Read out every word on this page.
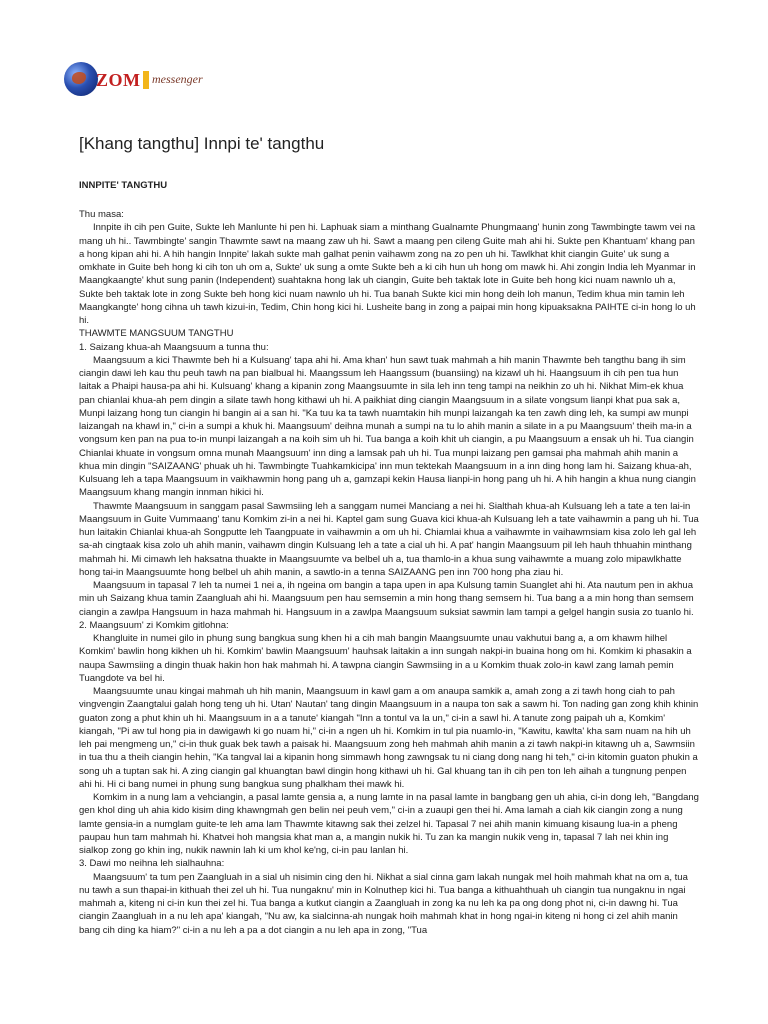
ZOM messenger
[Khang tangthu] Innpi te' tangthu
INNPITE' TANGTHU

Thu masa:

Innpite ih cih pen Guite, Sukte leh Manlunte hi pen hi. Laphuak siam a minthang Gualnamte Phungmaang' hunin zong Tawmbingte tawm vei na mang uh hi.. Tawmbingte' sangin Thawmte sawt na maang zaw uh hi. Sawt a maang pen cileng Guite mah ahi hi. Sukte pen Khantuam' khang pan a hong kipan ahi hi. A hih hangin Innpite' lakah sukte mah galhat penin vaihawm zong na zo pen uh hi. Tawlkhat khit ciangin Guite' uk sung a omkhate in Guite beh hong ki cih ton uh om a, Sukte' uk sung a omte Sukte beh a ki cih hun uh hong om mawk hi. Ahi zongin India leh Myanmar in Maangkaangte' khut sung panin (Independent) suahtakna hong lak uh ciangin, Guite beh taktak lote in Guite beh hong kici nuam nawnlo uh a, Sukte beh taktak lote in zong Sukte beh hong kici nuam nawnlo uh hi. Tua banah Sukte kici min hong deih loh manun, Tedim khua min tamin leh Maangkangte' hong cihna uh tawh kizui-in, Tedim, Chin hong kici hi. Lusheite bang in zong a paipai min hong kipuaksakna PAIHTE ci-in hong lo uh hi.

THAWMTE MANGSUUM TANGTHU

1. Saizang khua-ah Maangsuum a tunna thu:

Maangsuum a kici Thawmte beh hi a Kulsuang' tapa ahi hi. Ama khan' hun sawt tuak mahmah a hih manin Thawmte beh tangthu bang ih sim ciangin dawi leh kau thu peuh tawh na pan bialbual hi. Maangssum leh Haangssum (buansiing) na kizawl uh hi. Haangsuum ih cih pen tua hun laitak a Phaipi hausa-pa ahi hi. Kulsuang' khang a kipanin zong Maangsuumte in sila leh inn teng tampi na neikhin zo uh hi. Nikhat Mim-ek khua pan chianlai khua-ah pem dingin a silate tawh hong kithawi uh hi. A paikhiat ding ciangin Maangsuum in a silate vongsum lianpi khat pua sak a, Munpi laizang hong tun ciangin hi bangin ai a san hi. "Ka tuu ka ta tawh nuamtakin hih munpi laizangah ka ten zawh ding leh, ka sumpi aw munpi laizangah na khawl in," ci-in a sumpi a khuk hi. Maangsuum' deihna munah a sumpi na tu lo ahih manin a silate in a pu Maangsuum' theih ma-in a vongsum ken pan na pua to-in munpi laizangah a na koih sim uh hi. Tua banga a koih khit uh ciangin, a pu Maangsuum a ensak uh hi. Tua ciangin Chianlai khuate in vongsum omna munah Maangsuum' inn ding a lamsak pah uh hi. Tua munpi laizang pen gamsai pha mahmah ahih manin a khua min dingin "SAIZAANG' phuak uh hi. Tawmbingte Tuahkamkicipa' inn mun tektekah Maangsuum in a inn ding hong lam hi. Saizang khua-ah, Kulsuang leh a tapa Maangsuum in vaikhawmin hong pang uh a, gamzapi kekin Hausa lianpi-in hong pang uh hi. A hih hangin a khua nung ciangin Maangsuum khang mangin innman hikici hi.

Thawmte Maangsuum in sanggam pasal Sawmsiing leh a sanggam numei Manciang a nei hi. Sialthah khua-ah Kulsuang leh a tate a ten lai-in Maangsuum in Guite Vummaang' tanu Komkim zi-in a nei hi. Kaptel gam sung Guava kici khua-ah Kulsuang leh a tate vaihawmin a pang uh hi. Tua hun laitakin Chianlai khua-ah Songputte leh Taangpuate in vaihawmin a om uh hi. Chiamlai khua a vaihawmte in vaihawmsiam kisa zolo leh gal leh sa-ah cingtaak kisa zolo uh ahih manin, vaihawm dingin Kulsuang leh a tate a cial uh hi. A pat' hangin Maangsuum pil leh hauh thhuahin minthang mahmah hi. Mi cimawh leh haksatna thuakte in Maangsuumte va belbel uh a, tua thamlo-in a khua sung vaihawmte a muang zolo mipawlkhatte hong tai-in Maangsuumte hong belbel uh ahih manin, a sawtlo-in a tenna SAIZAANG pen inn 700 hong pha ziau hi.

Maangsuum in tapasal 7 leh ta numei 1 nei a, ih ngeina om bangin a tapa upen in apa Kulsung tamin Suanglet ahi hi. Ata nautum pen in akhua min uh Saizang khua tamin Zaangluah ahi hi. Maangsuum pen hau semsemin a min hong thang semsem hi. Tua bang a a min hong than semsem ciangin a zawlpa Hangsuum in haza mahmah hi. Hangsuum in a zawlpa Maangsuum suksiat sawmin lam tampi a gelgel hangin susia zo tuanlo hi.

2. Maangsuum' zi Komkim gitlohna:

Khangluite in numei gilo in phung sung bangkua sung khen hi a cih mah bangin Maangsuumte unau vakhutui bang a, a om khawm hilhel Komkim' bawlin hong kikhen uh hi. Komkim' bawlin Maangsuum' hauhsak laitakin a inn sungah nakpi-in buaina hong om hi. Komkim ki phasakin a naupa Sawmsiing a dingin thuak hakin hon hak mahmah hi. A tawpna ciangin Sawmsiing in a u Komkim thuak zolo-in kawl zang lamah pemin Tuangdote va bel hi.

Maangsuumte unau kingai mahmah uh hih manin, Maangsuum in kawl gam a om anaupa samkik a, amah zong a zi tawh hong ciah to pah vingvengin Zaangtalui galah hong teng uh hi. Utan' Nautan' tang dingin Maangsuum in a naupa ton sak a sawm hi. Ton nading gan zong khih khinin guaton zong a phut khin uh hi. Maangsuum in a a tanute' kiangah "Inn a tontul va la un," ci-in a sawl hi. A tanute zong paipah uh a, Komkim' kiangah, "Pi aw tul hong pia in dawigawh ki go nuam hi," ci-in a ngen uh hi. Komkim in tul pia nuamlo-in, "Kawitu, kawlta' kha sam nuam na hih uh leh pai mengmeng un," ci-in thuk guak bek tawh a paisak hi. Maangsuum zong heh mahmah ahih manin a zi tawh nakpi-in kitawng uh a, Sawmsiin in tua thu a theih ciangin hehin, "Ka tangval lai a kipanin hong simmawh hong zawngsak tu ni ciang dong nang hi teh," ci-in kitomin guaton phukin a song uh a tuptan sak hi. A zing ciangin gal khuangtan bawl dingin hong kithawi uh hi. Gal khuang tan ih cih pen ton leh aihah a tungnung penpen ahi hi. Hi ci bang numei in phung sung bangkua sung phalkham thei mawk hi.

Komkim in a nung lam a vehciangin, a pasal lamte gensia a, a nung lamte in na pasal lamte in bangbang gen uh ahia, ci-in dong leh, "Bangdang gen khol ding uh ahia kido kisim ding khawngmah gen belin nei peuh vem," ci-in a zuaupi gen thei hi. Ama lamah a ciah kik ciangin zong a nung lamte gensia-in a numglam guite-te leh ama lam Thawmte kitawng sak thei zelzel hi. Tapasal 7 nei ahih manin kimuang kisaung lua-in a pheng paupau hun tam mahmah hi. Khatvei hoh mangsia khat man a, a mangin nukik hi. Tu zan ka mangin nukik veng in, tapasal 7 lah nei khin ing sialkop zong go khin ing, nukik nawnin lah ki um khol ke'ng, ci-in pau lanlan hi.

3. Dawi mo neihna leh sialhauhna:

Maangsuum' ta tum pen Zaangluah in a sial uh nisimin cing den hi. Nikhat a sial cinna gam lakah nungak mel hoih mahmah khat na om a, tua nu tawh a sun thapai-in kithuah thei zel uh hi. Tua nungaknu' min in Kolnuthep kici hi. Tua banga a kithuahthuah uh ciangin tua nungaknu in ngai mahmah a, kiteng ni ci-in kun thei zel hi. Tua banga a kutkut ciangin a Zaangluah in zong ka nu leh ka pa ong dong phot ni, ci-in dawng hi. Tua ciangin Zaangluah in a nu leh apa' kiangah, "Nu aw, ka sialcinna-ah nungak hoih mahmah khat in hong ngai-in kiteng ni hong ci zel ahih manin bang cih ding ka hiam?" ci-in a nu leh a pa a dot ciangin a nu leh apa in zong, "Tua
